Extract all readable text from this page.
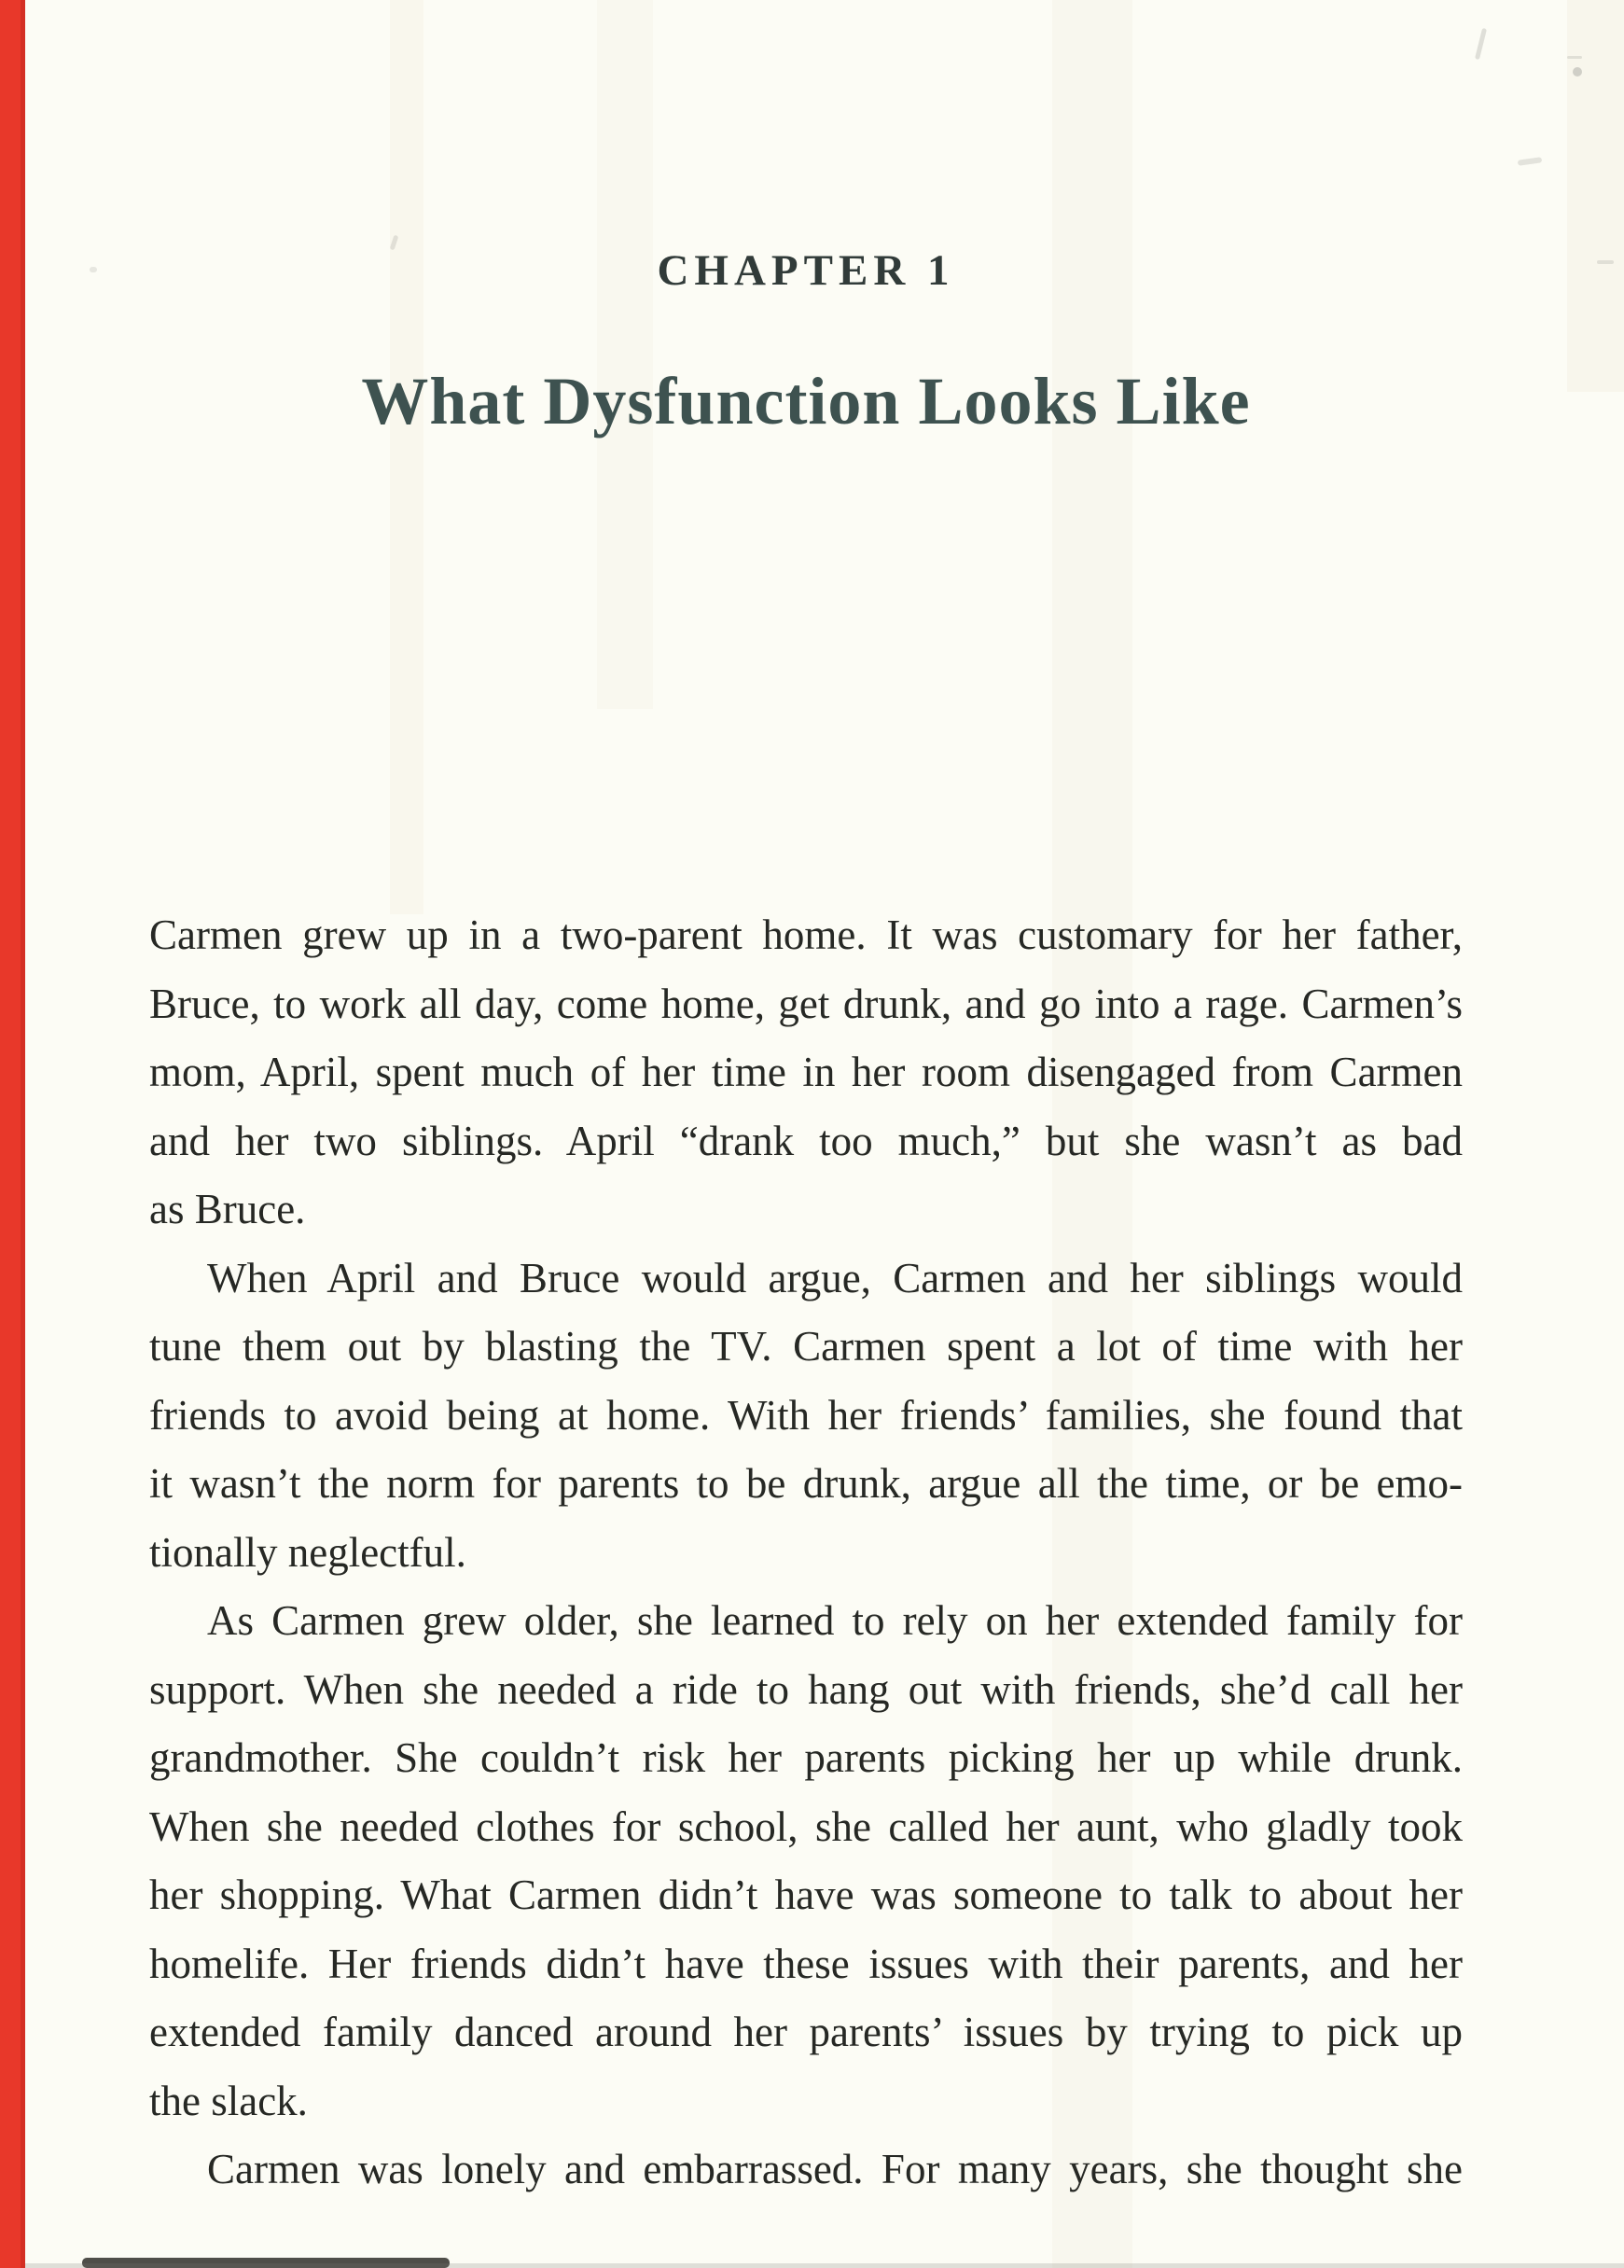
CHAPTER 1
What Dysfunction Looks Like
Carmen grew up in a two-parent home. It was customary for her father,
Bruce, to work all day, come home, get drunk, and go into a rage. Carmen’s
mom, April, spent much of her time in her room disengaged from Carmen
and her two siblings. April “drank too much,” but she wasn’t as bad
as Bruce.
When April and Bruce would argue, Carmen and her siblings would
tune them out by blasting the TV. Carmen spent a lot of time with her
friends to avoid being at home. With her friends’ families, she found that
it wasn’t the norm for parents to be drunk, argue all the time, or be emo-
tionally neglectful.
As Carmen grew older, she learned to rely on her extended family for
support. When she needed a ride to hang out with friends, she’d call her
grandmother. She couldn’t risk her parents picking her up while drunk.
When she needed clothes for school, she called her aunt, who gladly took
her shopping. What Carmen didn’t have was someone to talk to about her
homelife. Her friends didn’t have these issues with their parents, and her
extended family danced around her parents’ issues by trying to pick up
the slack.
Carmen was lonely and embarrassed. For many years, she thought she
